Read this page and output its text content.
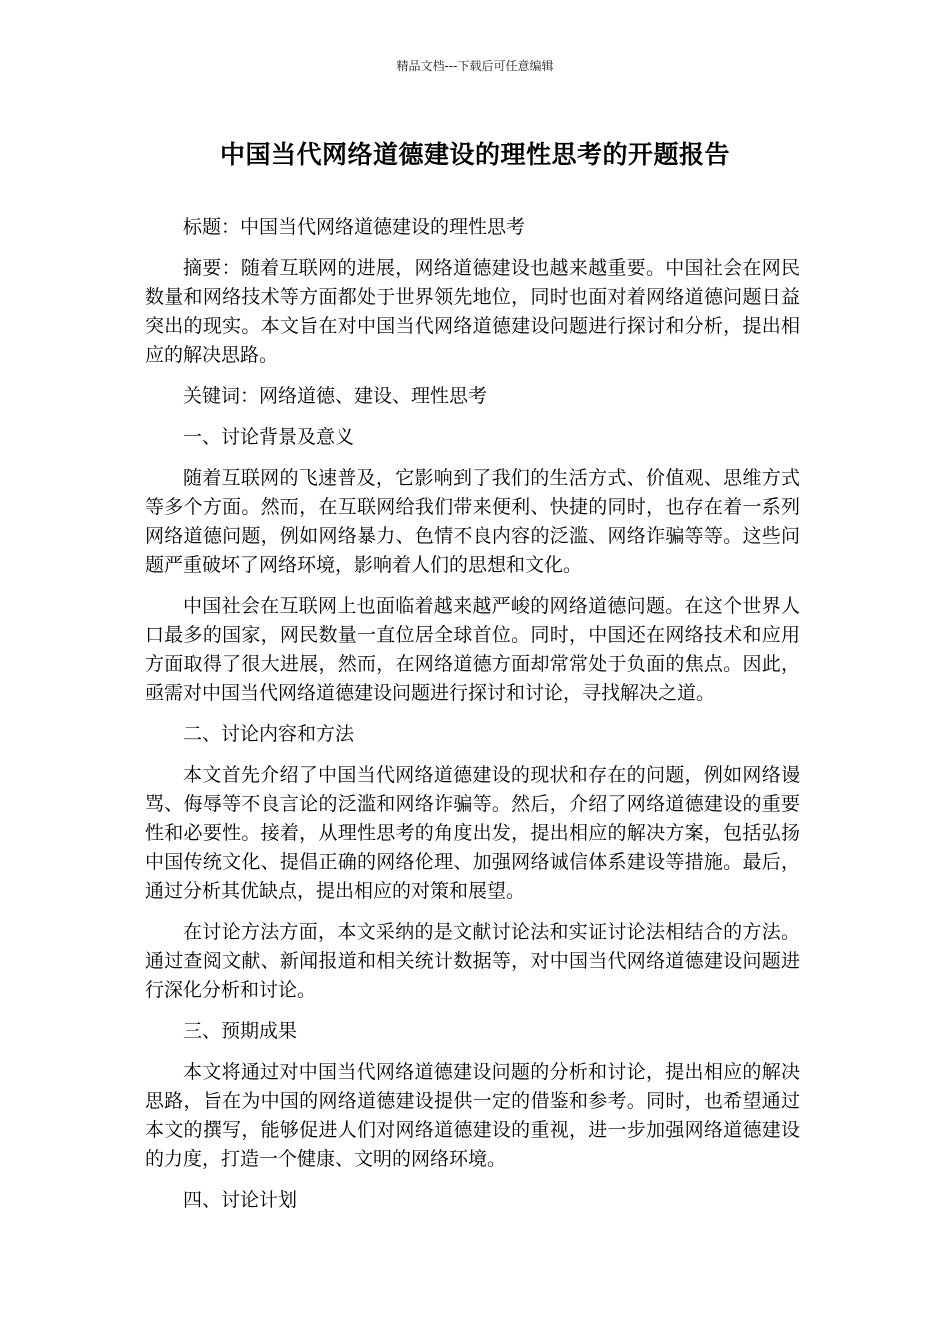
精品文档---下载后可任意编辑
中国当代网络道德建设的理性思考的开题报告

标题：中国当代网络道德建设的理性思考

摘要：随着互联网的进展，网络道德建设也越来越重要。中国社会在网民数量和网络技术等方面都处于世界领先地位，同时也面对着网络道德问题日益突出的现实。本文旨在对中国当代网络道德建设问题进行探讨和分析，提出相应的解决思路。

关键词：网络道德、建设、理性思考

一、讨论背景及意义

随着互联网的飞速普及，它影响到了我们的生活方式、价值观、思维方式等多个方面。然而，在互联网给我们带来便利、快捷的同时，也存在着一系列网络道德问题，例如网络暴力、色情不良内容的泛滥、网络诈骗等等。这些问题严重破坏了网络环境，影响着人们的思想和文化。

中国社会在互联网上也面临着越来越严峻的网络道德问题。在这个世界人口最多的国家，网民数量一直位居全球首位。同时，中国还在网络技术和应用方面取得了很大进展，然而，在网络道德方面却常常处于负面的焦点。因此，亟需对中国当代网络道德建设问题进行探讨和讨论，寻找解决之道。

二、讨论内容和方法

本文首先介绍了中国当代网络道德建设的现状和存在的问题，例如网络谩骂、侮辱等不良言论的泛滥和网络诈骗等。然后，介绍了网络道德建设的重要性和必要性。接着，从理性思考的角度出发，提出相应的解决方案，包括弘扬中国传统文化、提倡正确的网络伦理、加强网络诚信体系建设等措施。最后，通过分析其优缺点，提出相应的对策和展望。

在讨论方法方面，本文采纳的是文献讨论法和实证讨论法相结合的方法。通过查阅文献、新闻报道和相关统计数据等，对中国当代网络道德建设问题进行深化分析和讨论。

三、预期成果

本文将通过对中国当代网络道德建设问题的分析和讨论，提出相应的解决思路，旨在为中国的网络道德建设提供一定的借鉴和参考。同时，也希望通过本文的撰写，能够促进人们对网络道德建设的重视，进一步加强网络道德建设的力度，打造一个健康、文明的网络环境。

四、讨论计划
